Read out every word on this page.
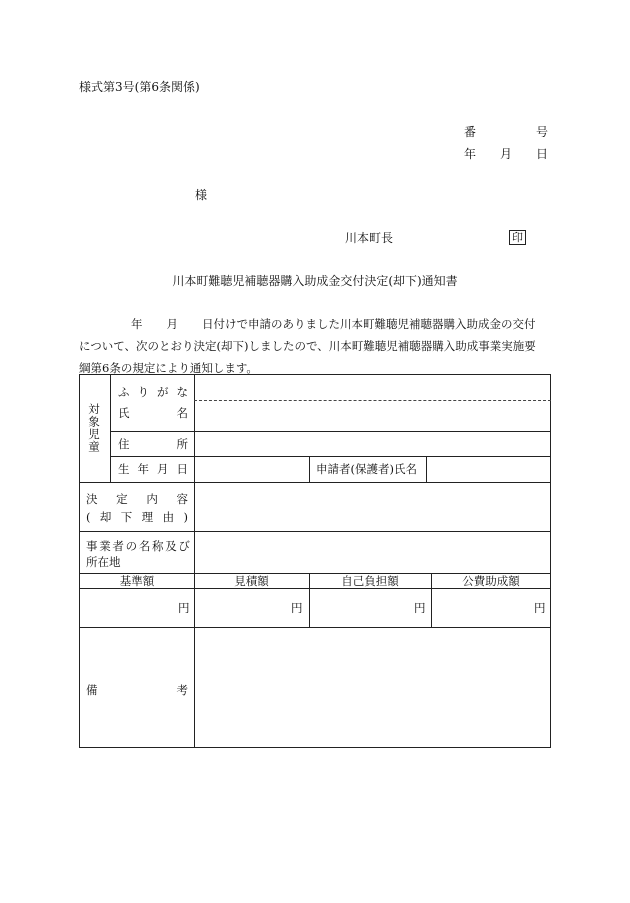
様式第3号(第6条関係)
番	号
年 月 日
様
川本町長	印
川本町難聴児補聴器購入助成金交付決定(却下)通知書
年 月 日付けで申請のありました川本町難聴児補聴器購入助成金の交付
について、次のとおり決定(却下)しましたので、川本町難聴児補聴器購入助成事業実施要
綱第6条の規定により通知します。
対象児童
ふ り が な
氏	名
住	所
生 年 月 日	申請者(保護者)氏名
決 定 内 容
( 却 下 理 由 )
事 業 者 の 名 称 及 び
所在地
基準額	見積額	自己負担額	公費助成額
円	円	円	円
備	考
